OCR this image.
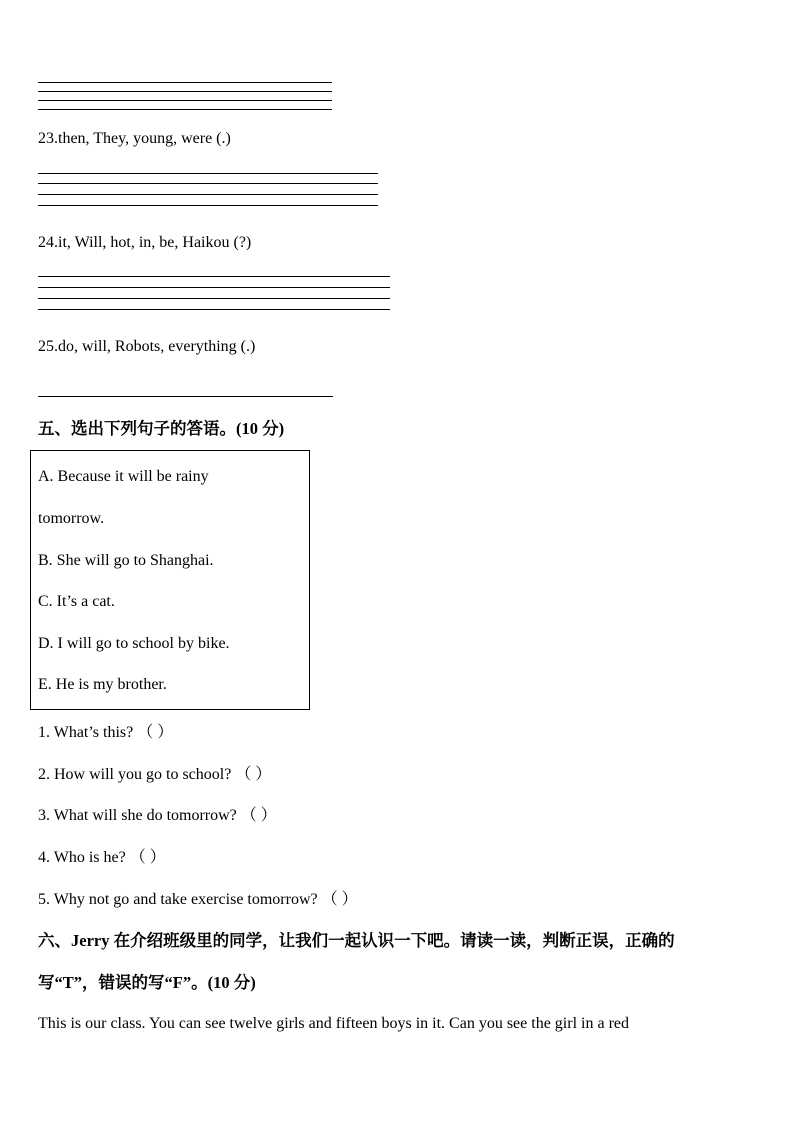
23.then, They, young, were (.)
24.it, Will, hot, in, be, Haikou (?)
25.do, will, Robots, everything (.)
五、选出下列句子的答语。(10 分)
A. Because it will be rainy
tomorrow.
B. She will go to Shanghai.
C. It’s a cat.
D. I will go to school by bike.
E. He is my brother.
1. What’s this? （ ）
2. How will you go to school? （ ）
3. What will she do tomorrow? （ ）
4. Who is he? （ ）
5. Why not go and take exercise tomorrow? （ ）
六、Jerry 在介绍班级里的同学，让我们一起认识一下吧。请读一读，判断正误，正确的
写“T”，错误的写“F”。(10 分)
This is our class. You can see twelve girls and fifteen boys in it. Can you see the girl in a red
